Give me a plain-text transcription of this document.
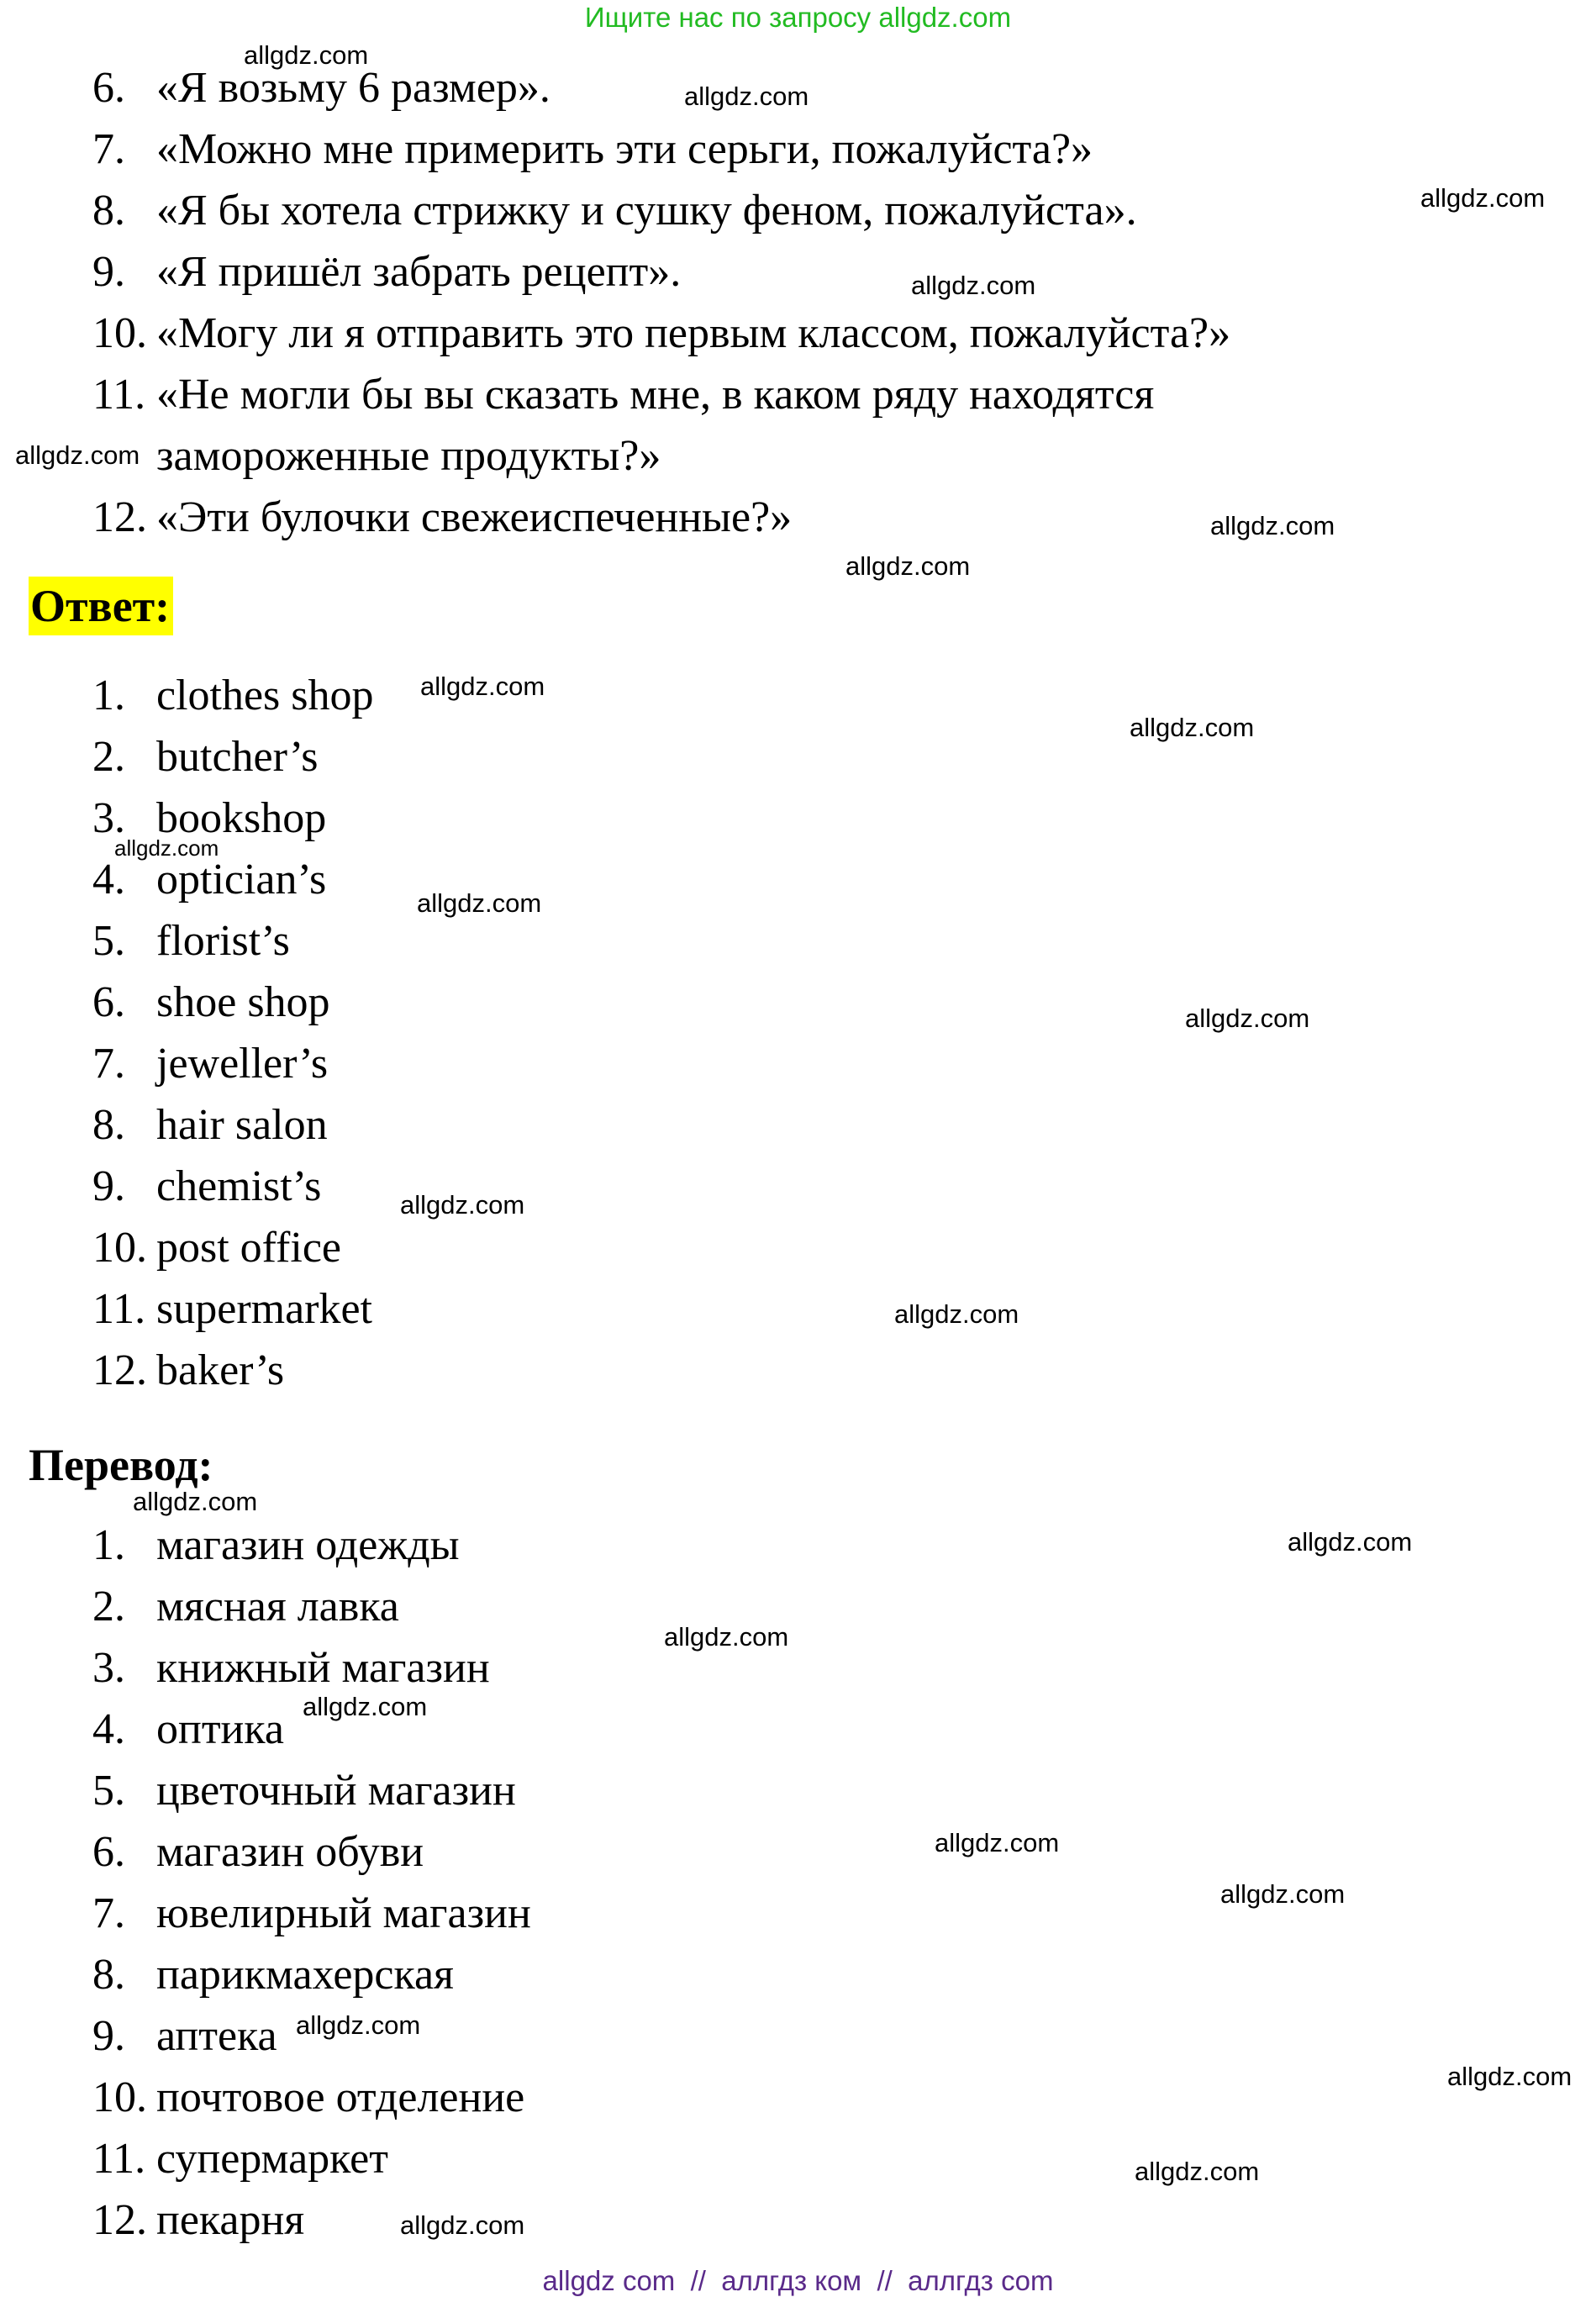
Ищите нас по запросу allgdz.com
6. «Я возьму 6 размер».
7. «Можно мне примерить эти серьги, пожалуйста?»
8. «Я бы хотела стрижку и сушку феном, пожалуйста».
9. «Я пришёл забрать рецепт».
10. «Могу ли я отправить это первым классом, пожалуйста?»
11. «Не могли бы вы сказать мне, в каком ряду находятся
замороженные продукты?»
12. «Эти булочки свежеиспеченные?»
Ответ:
1. clothes shop
2. butcher’s
3. bookshop
4. optician’s
5. florist’s
6. shoe shop
7. jeweller’s
8. hair salon
9. chemist’s
10. post office
11. supermarket
12. baker’s
Перевод:
1. магазин одежды
2. мясная лавка
3. книжный магазин
4. оптика
5. цветочный магазин
6. магазин обуви
7. ювелирный магазин
8. парикмахерская
9. аптека
10. почтовое отделение
11. супермаркет
12. пекарня
allgdz.com
allgdz.com
allgdz.com
allgdz.com
allgdz.com
allgdz.com
allgdz.com
allgdz.com
allgdz.com
allgdz.com
allgdz.com
allgdz.com
allgdz.com
allgdz.com
allgdz.com
allgdz.com
allgdz.com
allgdz.com
allgdz.com
allgdz.com
allgdz.com
allgdz.com
allgdz.com
allgdz.com
allgdz com  //  аллгдз ком  //  аллгдз com
